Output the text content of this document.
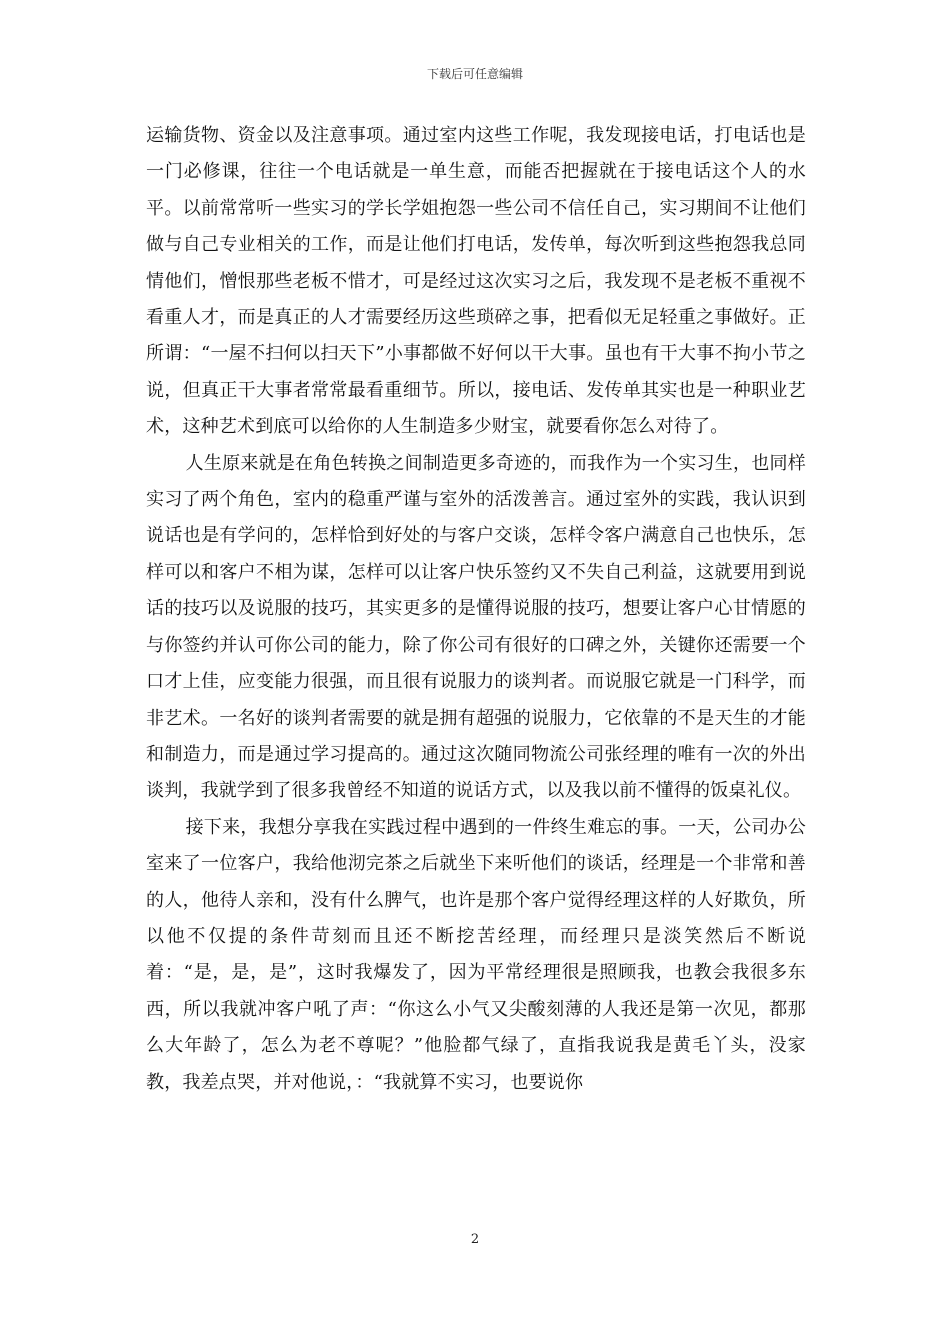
下载后可任意编辑

运输货物、资金以及注意事项。通过室内这些工作呢，我发现接电话，打电话也是一门必修课，往往一个电话就是一单生意，而能否把握就在于接电话这个人的水平。以前常常听一些实习的学长学姐抱怨一些公司不信任自己，实习期间不让他们做与自己专业相关的工作，而是让他们打电话，发传单，每次听到这些抱怨我总同情他们，憎恨那些老板不惜才，可是经过这次实习之后，我发现不是老板不重视不看重人才，而是真正的人才需要经历这些琐碎之事，把看似无足轻重之事做好。正所谓：“一屋不扫何以扫天下”小事都做不好何以干大事。虽也有干大事不拘小节之说，但真正干大事者常常最看重细节。所以，接电话、发传单其实也是一种职业艺术，这种艺术到底可以给你的人生制造多少财宝，就要看你怎么对待了。

人生原来就是在角色转换之间制造更多奇迹的，而我作为一个实习生，也同样实习了两个角色，室内的稳重严谨与室外的活泼善言。通过室外的实践，我认识到说话也是有学问的，怎样恰到好处的与客户交谈，怎样令客户满意自己也快乐，怎样可以和客户不相为谋，怎样可以让客户快乐签约又不失自己利益，这就要用到说话的技巧以及说服的技巧，其实更多的是懂得说服的技巧，想要让客户心甘情愿的与你签约并认可你公司的能力，除了你公司有很好的口碑之外，关键你还需要一个口才上佳，应变能力很强，而且很有说服力的谈判者。而说服它就是一门科学，而非艺术。一名好的谈判者需要的就是拥有超强的说服力，它依靠的不是天生的才能和制造力，而是通过学习提高的。通过这次随同物流公司张经理的唯有一次的外出谈判，我就学到了很多我曾经不知道的说话方式，以及我以前不懂得的饭桌礼仪。

接下来，我想分享我在实践过程中遇到的一件终生难忘的事。一天，公司办公室来了一位客户，我给他沏完茶之后就坐下来听他们的谈话，经理是一个非常和善的人，他待人亲和，没有什么脾气，也许是那个客户觉得经理这样的人好欺负，所以他不仅提的条件苛刻而且还不断挖苦经理，而经理只是淡笑然后不断说着：“是，是，是”，这时我爆发了，因为平常经理很是照顾我，也教会我很多东西，所以我就冲客户吼了声：“你这么小气又尖酸刻薄的人我还是第一次见，都那么大年龄了，怎么为老不尊呢？”他脸都气绿了，直指我说我是黄毛丫头，没家教，我差点哭，并对他说，：“我就算不实习，也要说你

2
